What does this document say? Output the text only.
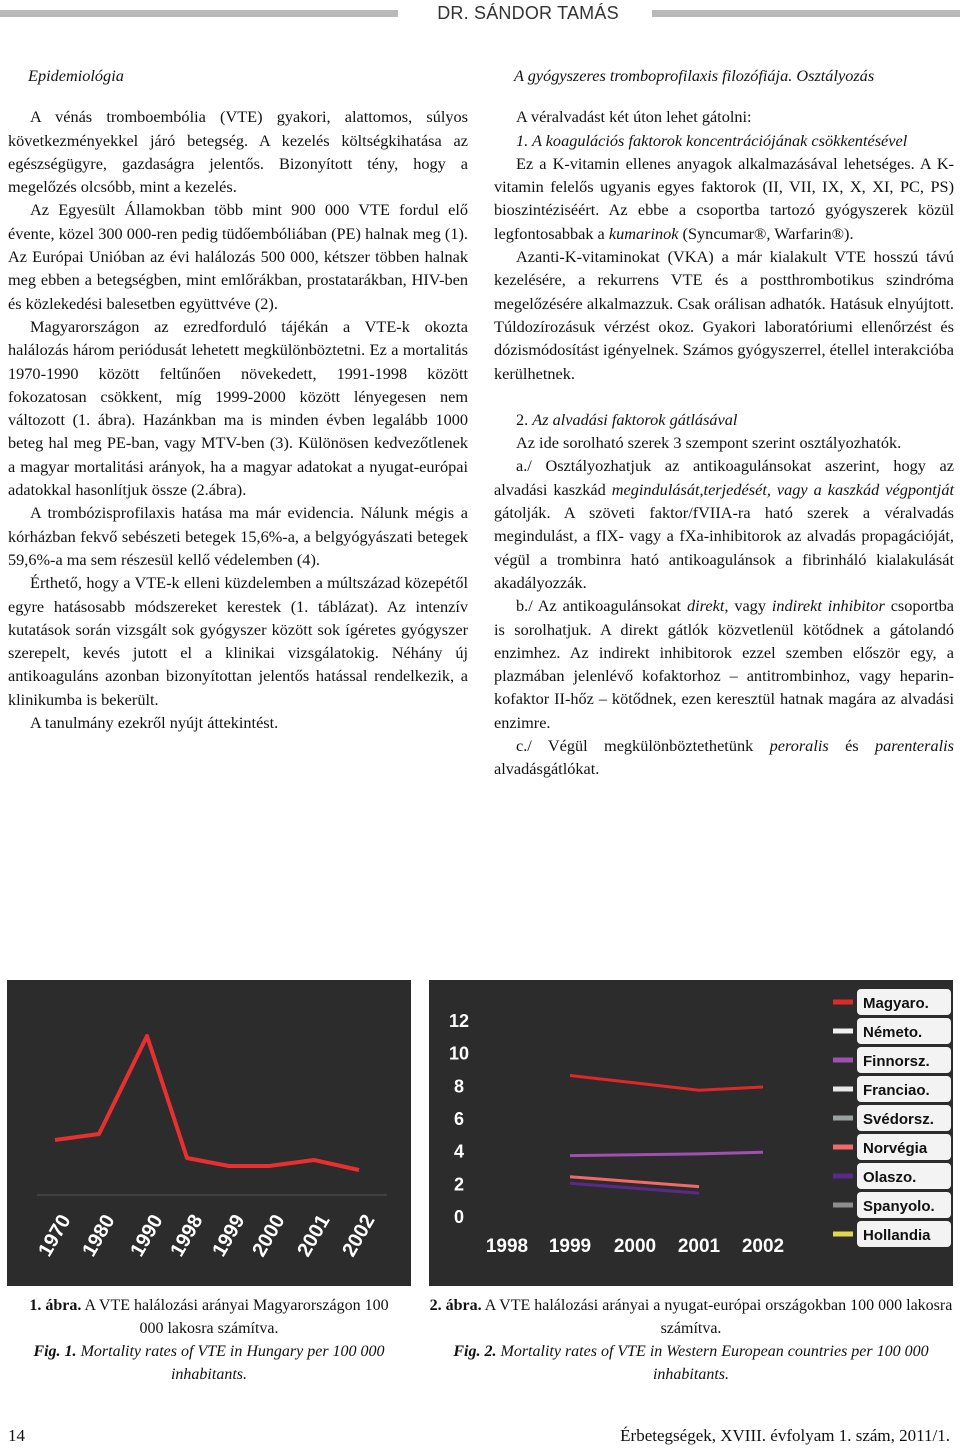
DR. SÁNDOR TAMÁS

Epidemiológia

A vénás tromboembólia (VTE) gyakori, alattomos, súlyos következményekkel járó betegség. A kezelés költségkihatása az egészségügyre, gazdaságra jelentős. Bizonyított tény, hogy a megelőzés olcsóbb, mint a kezelés.

Az Egyesült Államokban több mint 900 000 VTE fordul elő évente, közel 300 000-ren pedig tüdőembóliában (PE) halnak meg (1). Az Európai Unióban az évi halálozás 500 000, kétszer többen halnak meg ebben a betegségben, mint emlőrákban, prostatarákban, HIV-ben és közlekedési balesetben együttvéve (2).

Magyarországon az ezredforduló tájékán a VTE-k okozta halálozás három periódusát lehetett megkülönböztetni. Ez a mortalitás 1970-1990 között feltűnően növekedett, 1991-1998 között fokozatosan csökkent, míg 1999-2000 között lényegesen nem változott (1. ábra). Hazánkban ma is minden évben legalább 1000 beteg hal meg PE-ban, vagy MTV-ben (3). Különösen kedvezőtlenek a magyar mortalitási arányok, ha a magyar adatokat a nyugat-európai adatokkal hasonlítjuk össze (2.ábra).

A trombózisprofilaxis hatása ma már evidencia. Nálunk mégis a kórházban fekvő sebészeti betegek 15,6%-a, a belgyógyászati betegek 59,6%-a ma sem részesül kellő védelemben (4).

Érthető, hogy a VTE-k elleni küzdelemben a múltszázad közepétől egyre hatásosabb módszereket kerestek (1. táblázat). Az intenzív kutatások során vizsgált sok gyógyszer között sok ígéretes gyógyszer szerepelt, kevés jutott el a klinikai vizsgálatokig. Néhány új antikoaguláns azonban bizonyítottan jelentős hatással rendelkezik, a klinikumba is bekerült.

A tanulmány ezekről nyújt áttekintést.

A gyógyszeres tromboprofilaxis filozófiája. Osztályozás

A véralvadást két úton lehet gátolni:

1. A koagulációs faktorok koncentrációjának csökkentésével

Ez a K-vitamin ellenes anyagok alkalmazásával lehetséges. A K-vitamin felelős ugyanis egyes faktorok (II, VII, IX, X, XI, PC, PS) bioszintéziséért. Az ebbe a csoportba tartozó gyógyszerek közül legfontosabbak a kumarinok (Syncumar®, Warfarin®).

Azanti-K-vitaminokat (VKA) a már kialakult VTE hosszú távú kezelésére, a rekurrens VTE és a postthrombotikus szindróma megelőzésére alkalmazzuk. Csak orálisan adhatók. Hatásuk elnyújtott. Túldozírozásuk vérzést okoz. Gyakori laboratóriumi ellenőrzést és dózismódosítást igényelnek. Számos gyógyszerrel, étellel interakcióba kerülhetnek.

2. Az alvadási faktorok gátlásával

Az ide sorolható szerek 3 szempont szerint osztályozhatók.

a./ Osztályozhatjuk az antikoagulánsokat aszerint, hogy az alvadási kaszkád megindulását,terjedését, vagy a kaszkád végpontját gátolják. A szöveti faktor/fVIIA-ra ható szerek a véralvadás megindulást, a fIX- vagy a fXa-inhibitorok az alvadás propagációját, végül a trombinra ható antikoagulánsok a fibrinháló kialakulását akadályozzák.

b./ Az antikoagulánsokat direkt, vagy indirekt inhibitor csoportba is sorolhatjuk. A direkt gátlók közvetlenül kötődnek a gátolandó enzimhez. Az indirekt inhibitorok ezzel szemben először egy, a plazmában jelenlévő kofaktorhoz – antitrombinhoz, vagy heparin- kofaktor II-hőz – kötődnek, ezen keresztül hatnak magára az alvadási enzimre.

c./ Végül megkülönböztethetünk peroralis és parenteralis alvadásgátlókat.

1970 1980 1990
1998 1999
2000 2001 2002
12
10
8
6
4
2
0
1998 1999 2000 2001 2002
Magyaro.
Németo.
Finnorsz.
Franciao.
Svédorsz.
Norvégia
Olaszo.
Spanyolo.
Hollandia
1. ábra. A VTE halálozási arányai Magyarországon 100 000 lakosra számítva.
Fig. 1. Mortality rates of VTE in Hungary per 100 000 inhabitants.
2. ábra. A VTE halálozási arányai a nyugat-európai országokban 100 000 lakosra számítva.
Fig. 2. Mortality rates of VTE in Western European countries per 100 000 inhabitants.
14	Érbetegségek, XVIII. évfolyam 1. szám, 2011/1.
